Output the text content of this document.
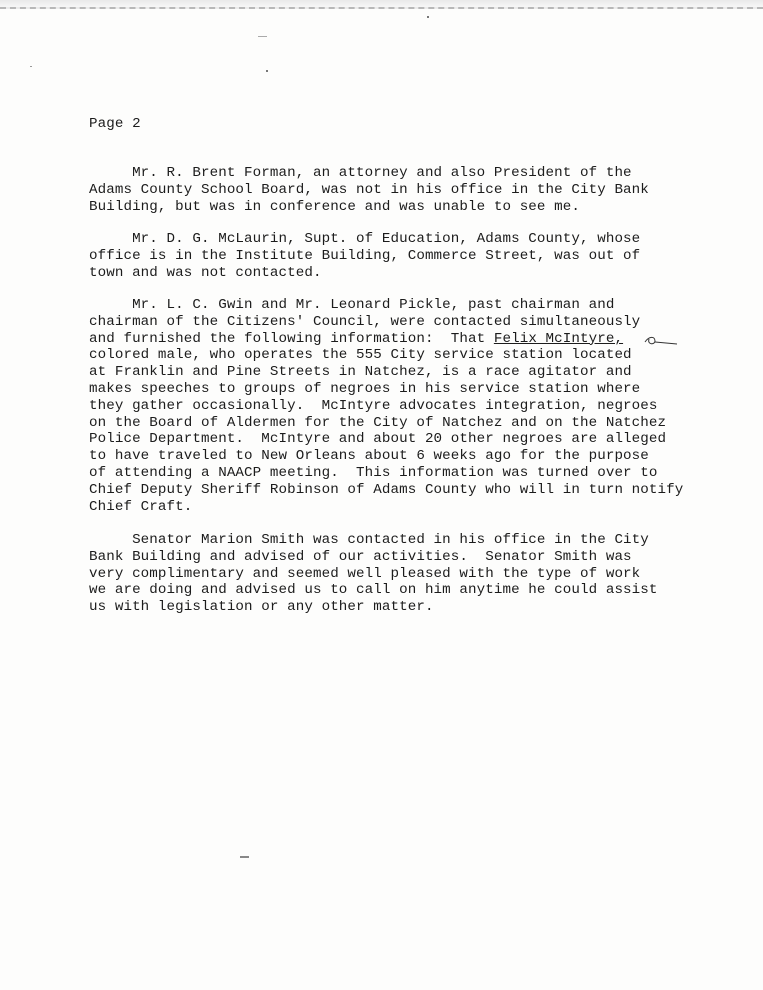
Page 2
Mr. R. Brent Forman, an attorney and also President of the
Adams County School Board, was not in his office in the City Bank
Building, but was in conference and was unable to see me.
Mr. D. G. McLaurin, Supt. of Education, Adams County, whose
office is in the Institute Building, Commerce Street, was out of
town and was not contacted.
Mr. L. C. Gwin and Mr. Leonard Pickle, past chairman and
chairman of the Citizens' Council, were contacted simultaneously
and furnished the following information:  That Felix McIntyre,
colored male, who operates the 555 City service station located
at Franklin and Pine Streets in Natchez, is a race agitator and
makes speeches to groups of negroes in his service station where
they gather occasionally.  McIntyre advocates integration, negroes
on the Board of Aldermen for the City of Natchez and on the Natchez
Police Department.  McIntyre and about 20 other negroes are alleged
to have traveled to New Orleans about 6 weeks ago for the purpose
of attending a NAACP meeting.  This information was turned over to
Chief Deputy Sheriff Robinson of Adams County who will in turn notify
Chief Craft.
Senator Marion Smith was contacted in his office in the City
Bank Building and advised of our activities.  Senator Smith was
very complimentary and seemed well pleased with the type of work
we are doing and advised us to call on him anytime he could assist
us with legislation or any other matter.
